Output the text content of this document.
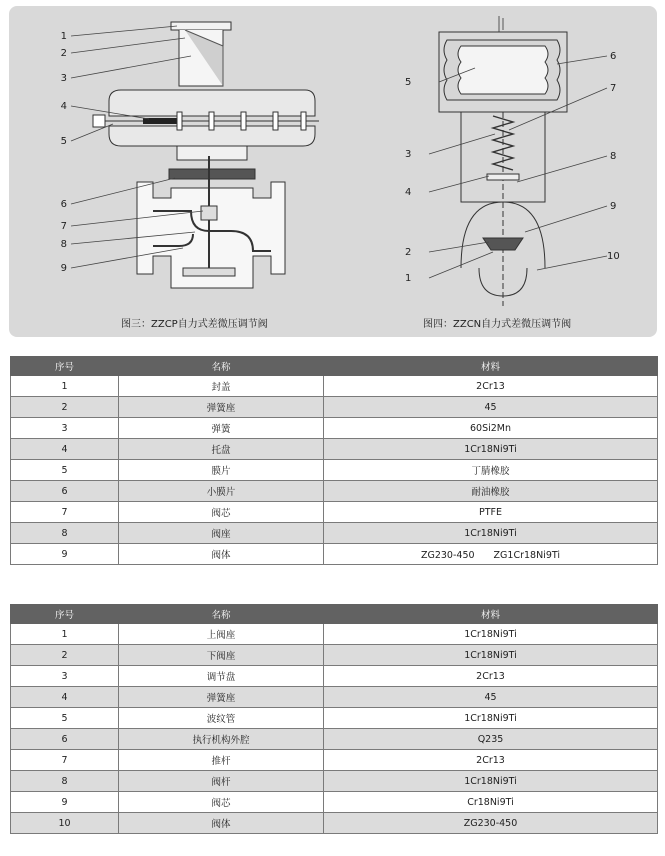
1
2
3
4
5
6
7
8
9
5
6
7
3
4
8
9
2
1
10
图三：ZZCP自力式差微压调节阀	图四：ZZCN自力式差微压调节阀
序号	名称	材料
1	封盖	2Cr13
2	弹簧座	45
3	弹簧	60Si2Mn
4	托盘	1Cr18Ni9Ti
5	膜片	丁腈橡胶
6	小膜片	耐油橡胶
7	阀芯	PTFE
8	阀座	1Cr18Ni9Ti
9	阀体	ZG230-450　　ZG1Cr18Ni9Ti
序号	名称	材料
1	上阀座	1Cr18Ni9Ti
2	下阀座	1Cr18Ni9Ti
3	调节盘	2Cr13
4	弹簧座	45
5	波纹管	1Cr18Ni9Ti
6	执行机构外腔	Q235
7	推杆	2Cr13
8	阀杆	1Cr18Ni9Ti
9	阀芯	Cr18Ni9Ti
10	阀体	ZG230-450
